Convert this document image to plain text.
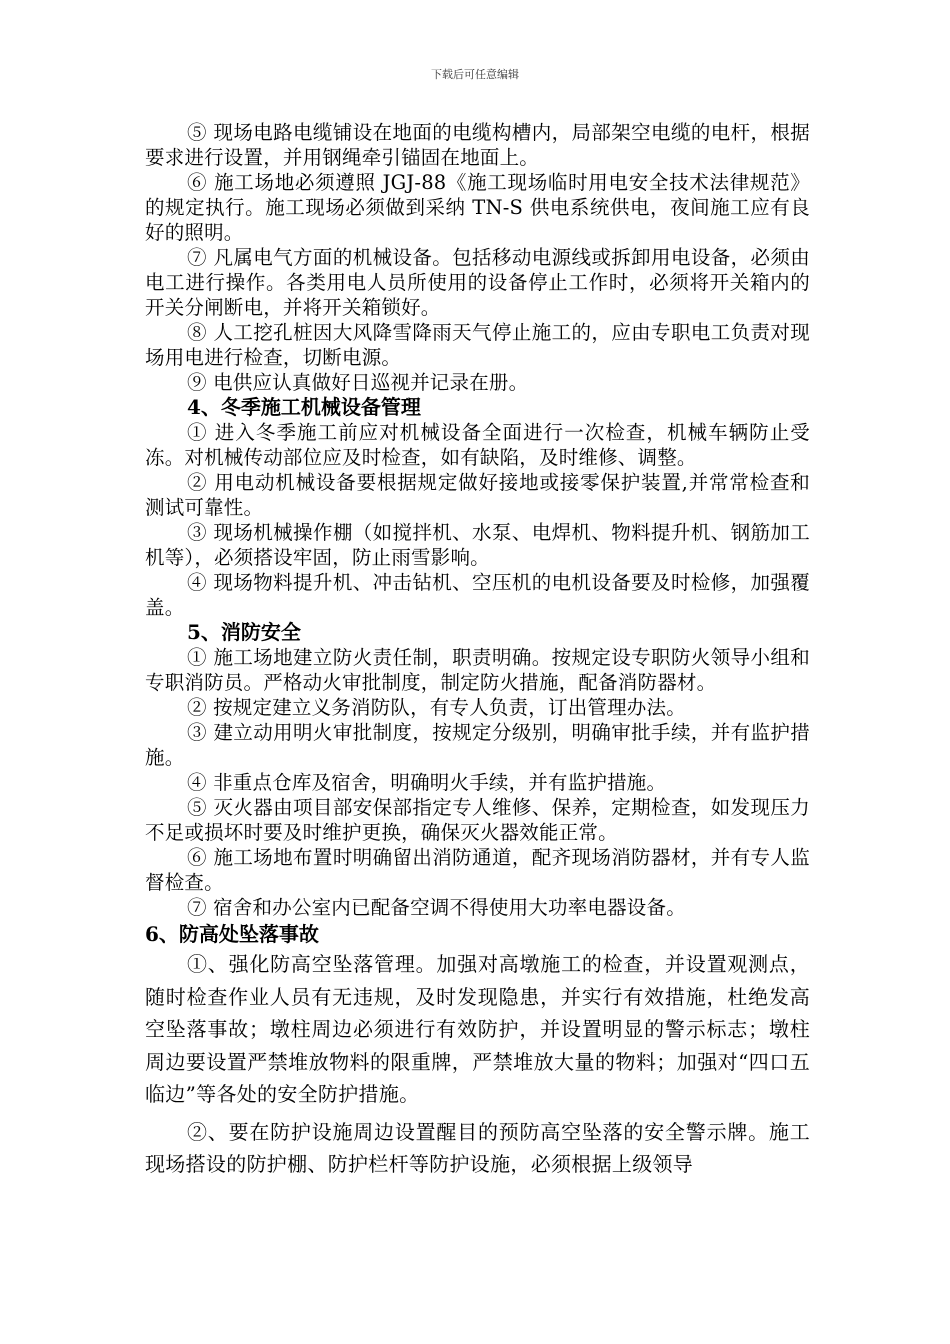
下载后可任意编辑
⑤ 现场电路电缆铺设在地面的电缆构槽内，局部架空电缆的电杆，根据要求进行设置，并用钢绳牵引锚固在地面上。
⑥ 施工场地必须遵照 JGJ-88《施工现场临时用电安全技术法律规范》的规定执行。施工现场必须做到采纳 TN-S 供电系统供电，夜间施工应有良好的照明。
⑦ 凡属电气方面的机械设备。包括移动电源线或拆卸用电设备，必须由电工进行操作。各类用电人员所使用的设备停止工作时，必须将开关箱内的开关分闸断电，并将开关箱锁好。
⑧ 人工挖孔桩因大风降雪降雨天气停止施工的，应由专职电工负责对现场用电进行检查，切断电源。
⑨ 电供应认真做好日巡视并记录在册。
4、冬季施工机械设备管理
① 进入冬季施工前应对机械设备全面进行一次检查，机械车辆防止受冻。对机械传动部位应及时检查，如有缺陷，及时维修、调整。
② 用电动机械设备要根据规定做好接地或接零保护装置,并常常检查和测试可靠性。
③ 现场机械操作棚（如搅拌机、水泵、电焊机、物料提升机、钢筋加工机等），必须搭设牢固，防止雨雪影响。
④ 现场物料提升机、冲击钻机、空压机的电机设备要及时检修，加强覆盖。
5、消防安全
① 施工场地建立防火责任制，职责明确。按规定设专职防火领导小组和专职消防员。严格动火审批制度，制定防火措施，配备消防器材。
② 按规定建立义务消防队，有专人负责，订出管理办法。
③ 建立动用明火审批制度，按规定分级别，明确审批手续，并有监护措施。
④ 非重点仓库及宿舍，明确明火手续，并有监护措施。
⑤ 灭火器由项目部安保部指定专人维修、保养，定期检查，如发现压力不足或损坏时要及时维护更换，确保灭火器效能正常。
⑥ 施工场地布置时明确留出消防通道，配齐现场消防器材，并有专人监督检查。
⑦ 宿舍和办公室内已配备空调不得使用大功率电器设备。
6、防高处坠落事故
①、强化防高空坠落管理。加强对高墩施工的检查，并设置观测点，随时检查作业人员有无违规，及时发现隐患，并实行有效措施，杜绝发高空坠落事故；墩柱周边必须进行有效防护，并设置明显的警示标志；墩柱周边要设置严禁堆放物料的限重牌，严禁堆放大量的物料；加强对“四口五临边”等各处的安全防护措施。
②、要在防护设施周边设置醒目的预防高空坠落的安全警示牌。施工现场搭设的防护棚、防护栏杆等防护设施，必须根据上级领导
